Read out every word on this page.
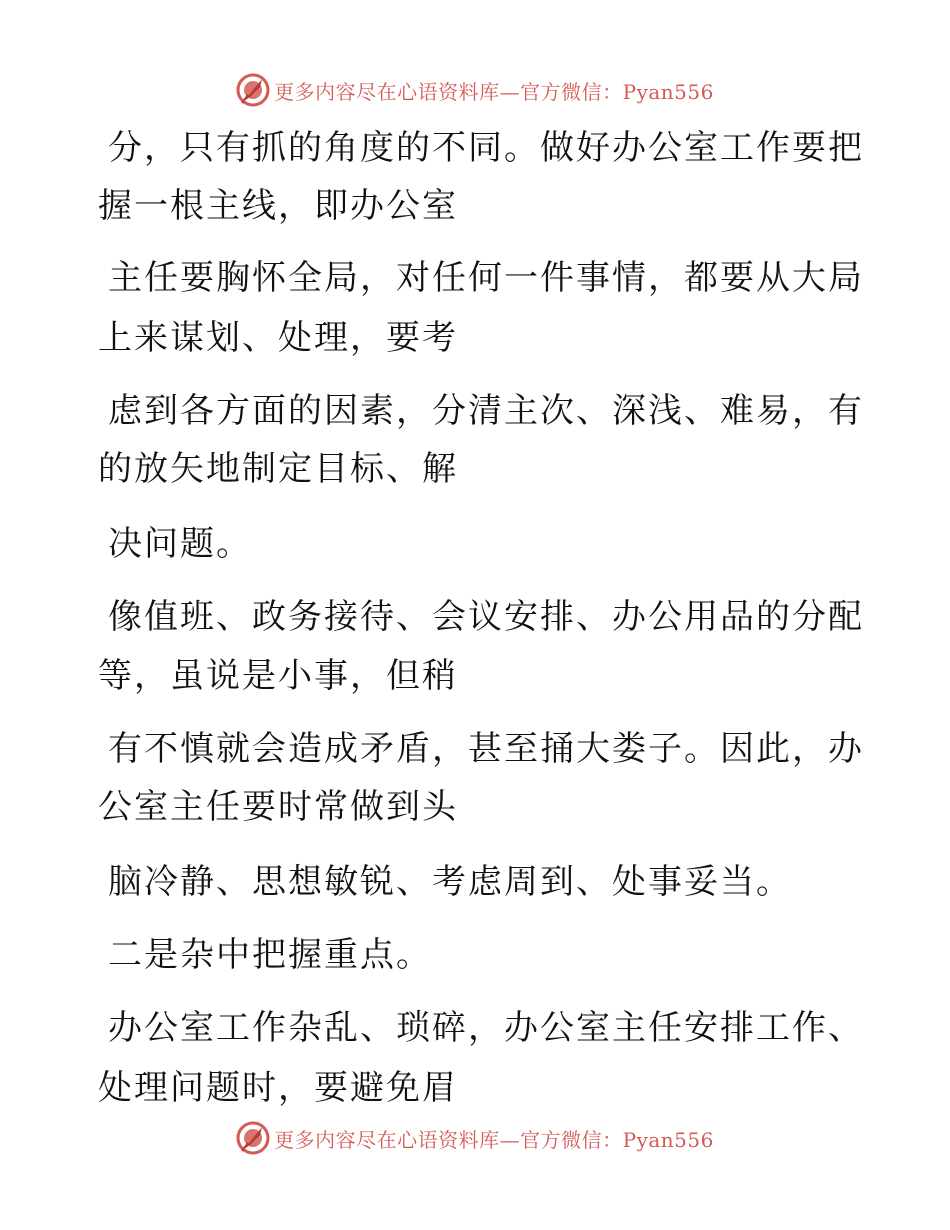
更多内容尽在心语资料库—官方微信：Pyan556
分，只有抓的角度的不同。做好办公室工作要把
握一根主线，即办公室
主任要胸怀全局，对任何一件事情，都要从大局
上来谋划、处理，要考
虑到各方面的因素，分清主次、深浅、难易，有
的放矢地制定目标、解
决问题。
像值班、政务接待、会议安排、办公用品的分配
等，虽说是小事，但稍
有不慎就会造成矛盾，甚至捅大娄子。因此，办
公室主任要时常做到头
脑冷静、思想敏锐、考虑周到、处事妥当。
二是杂中把握重点。
办公室工作杂乱、琐碎，办公室主任安排工作、
处理问题时，要避免眉
更多内容尽在心语资料库—官方微信：Pyan556
